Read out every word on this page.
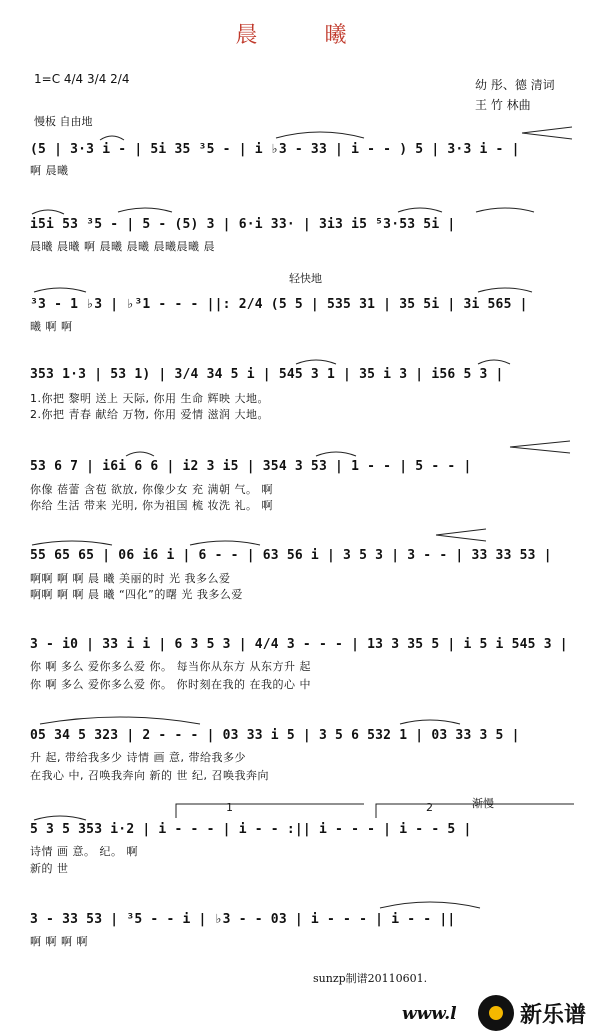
晨 曦
1=C 4/4 3/4 2/4	幼 彤、德 清词
王 竹 林曲
慢板 自由地
轻快地
渐慢
(5 | 3·3 i - | 5i 35 ³5 - | i ♭3 - 33 | i - - ) 5 | 3·3 i - |
啊 晨曦
i5i 53 ³5 - | 5 - (5) 3 | 6·i 33· | 3i3 i5 ⁵3·53 5i |
晨曦 晨曦 啊 晨曦 晨曦 晨曦晨曦 晨
³3 - 1 ♭3 | ♭³1 - - - ||: 2/4 (5 5 | 535 31 | 35 5i | 3i 565 |
曦 啊 啊
353 1·3 | 53 1) | 3/4 34 5 i | 545 3 1 | 35 i 3 | i56 5 3 |
1.你把 黎明 送上 天际, 你用 生命 辉映 大地。
2.你把 青春 献给 万物, 你用 爱情 滋润 大地。
53 6 7 | i6i 6 6 | i2 3 i5 | 354 3 53 | 1 - - | 5 - - |
你像 蓓蕾 含苞 欲放, 你像少女 充 满朝 气。 啊
你给 生活 带来 光明, 你为祖国 梳 妆洗 礼。 啊
55 65 65 | 06 i6 i | 6 - - | 63 56 i | 3 5 3 | 3 - - | 33 33 53 |
啊啊 啊 啊 晨 曦 美丽的时 光 我多么爱
啊啊 啊 啊 晨 曦 “四化”的曙 光 我多么爱
3 - i0 | 33 i i | 6 3 5 3 | 4/4 3 - - - | 13 3 35 5 | i 5 i 545 3 |
你 啊 多么 爱你多么爱 你。 每当你从东方 从东方升 起
你 啊 多么 爱你多么爱 你。 你时刻在我的 在我的心 中
05 34 5 323 | 2 - - - | 03 33 i 5 | 3 5 6 532 1 | 03 33 3 5 |
升 起, 带给我多少 诗情 画 意, 带给我多少
在我心 中, 召唤我奔向 新的 世 纪, 召唤我奔向
5 3 5 353 i·2 | i - - - | i - - :|| i - - - | i - - 5 |
诗情 画 意。 纪。 啊
新的 世
3 - 33 53 | ³5 - - i | ♭3 - - 03 | i - - - | i - - ||
啊 啊 啊 啊
1	2
sunzp制谱20110601.
www.l	新乐谱
